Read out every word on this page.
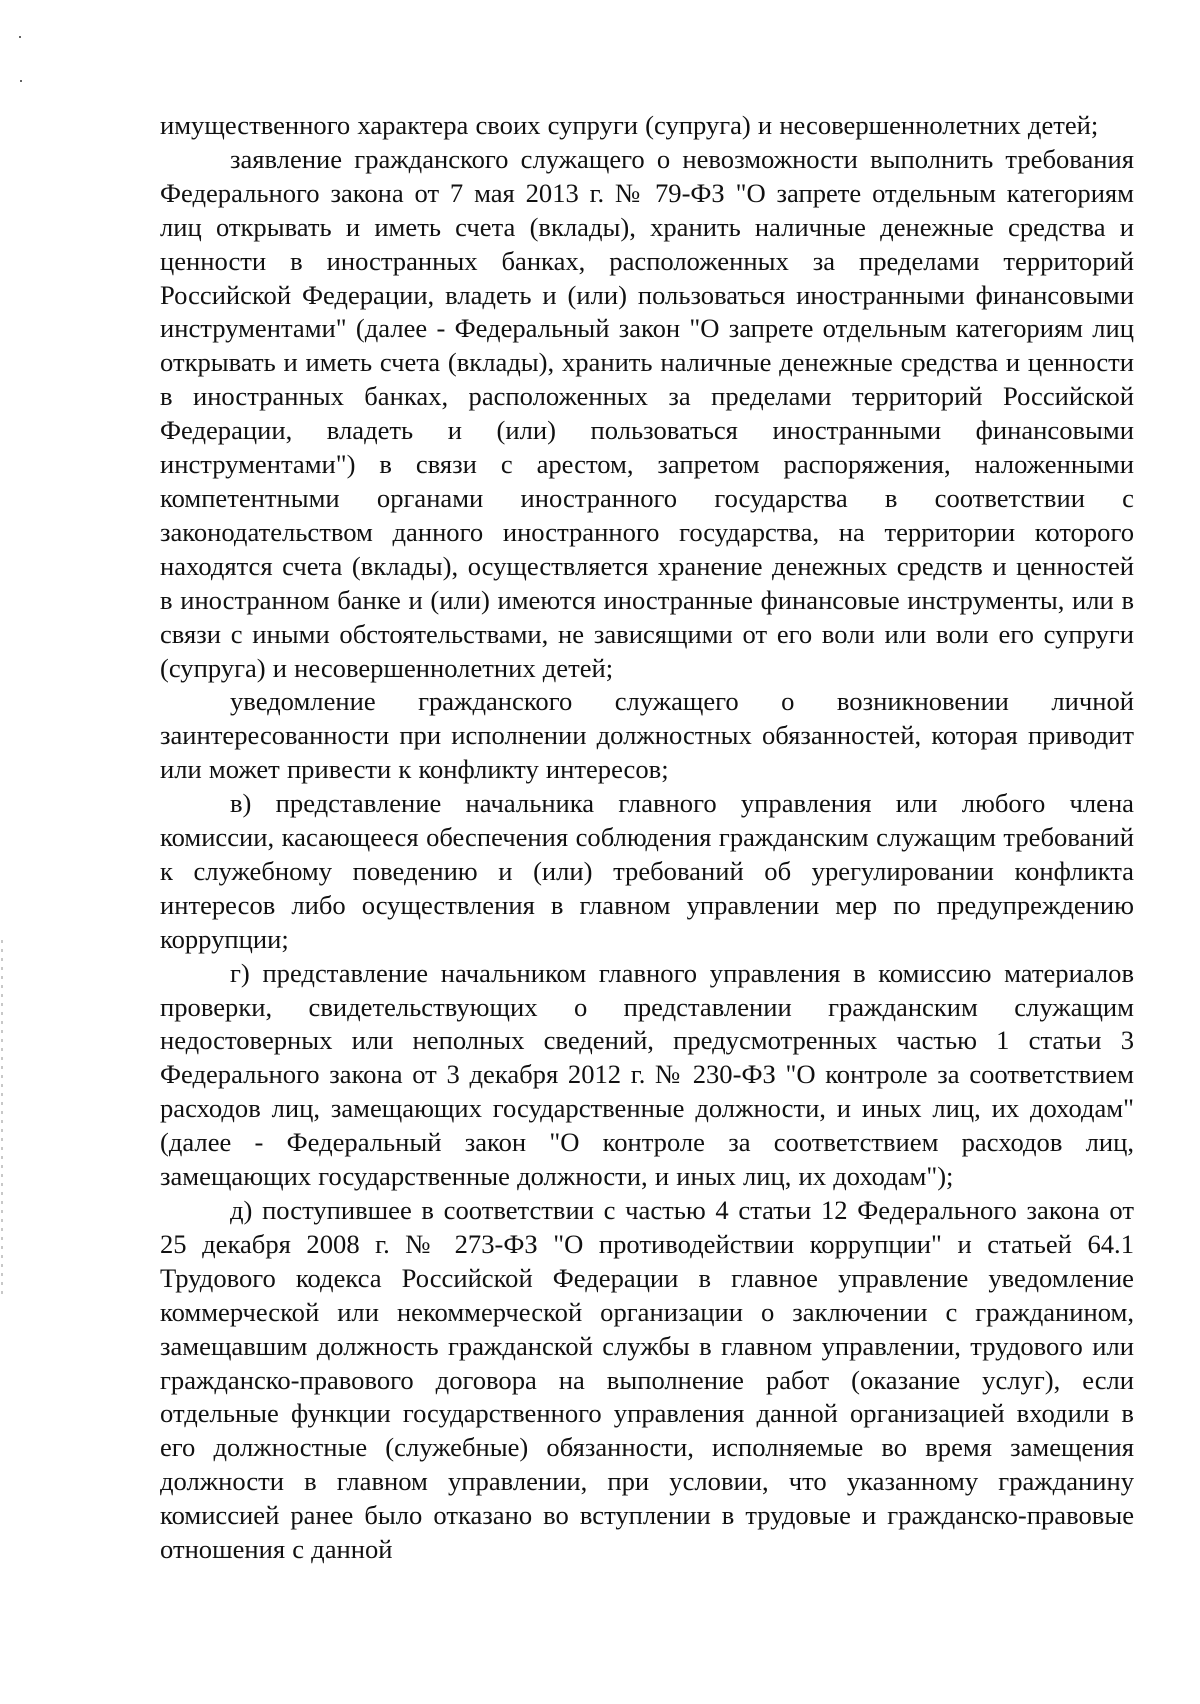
имущественного характера своих супруги (супруга) и несовершеннолетних детей;

заявление гражданского служащего о невозможности выполнить требования Федерального закона от 7 мая 2013 г. № 79-ФЗ "О запрете отдельным категориям лиц открывать и иметь счета (вклады), хранить наличные денежные средства и ценности в иностранных банках, расположенных за пределами территорий Российской Федерации, владеть и (или) пользоваться иностранными финансовыми инструментами" (далее - Федеральный закон "О запрете отдельным категориям лиц открывать и иметь счета (вклады), хранить наличные денежные средства и ценности в иностранных банках, расположенных за пределами территорий Российской Федерации, владеть и (или) пользоваться иностранными финансовыми инструментами") в связи с арестом, запретом распоряжения, наложенными компетентными органами иностранного государства в соответствии с законодательством данного иностранного государства, на территории которого находятся счета (вклады), осуществляется хранение денежных средств и ценностей в иностранном банке и (или) имеются иностранные финансовые инструменты, или в связи с иными обстоятельствами, не зависящими от его воли или воли его супруги (супруга) и несовершеннолетних детей;

уведомление гражданского служащего о возникновении личной заинтересованности при исполнении должностных обязанностей, которая приводит или может привести к конфликту интересов;

в) представление начальника главного управления или любого члена комиссии, касающееся обеспечения соблюдения гражданским служащим требований к служебному поведению и (или) требований об урегулировании конфликта интересов либо осуществления в главном управлении мер по предупреждению коррупции;

г) представление начальником главного управления в комиссию материалов проверки, свидетельствующих о представлении гражданским служащим недостоверных или неполных сведений, предусмотренных частью 1 статьи 3 Федерального закона от 3 декабря 2012 г. № 230-ФЗ "О контроле за соответствием расходов лиц, замещающих государственные должности, и иных лиц, их доходам" (далее - Федеральный закон "О контроле за соответствием расходов лиц, замещающих государственные должности, и иных лиц, их доходам");

д) поступившее в соответствии с частью 4 статьи 12 Федерального закона от 25 декабря 2008 г. № 273-ФЗ "О противодействии коррупции" и статьей 64.1 Трудового кодекса Российской Федерации в главное управление уведомление коммерческой или некоммерческой организации о заключении с гражданином, замещавшим должность гражданской службы в главном управлении, трудового или гражданско-правового договора на выполнение работ (оказание услуг), если отдельные функции государственного управления данной организацией входили в его должностные (служебные) обязанности, исполняемые во время замещения должности в главном управлении, при условии, что указанному гражданину комиссией ранее было отказано во вступлении в трудовые и гражданско-правовые отношения с данной
